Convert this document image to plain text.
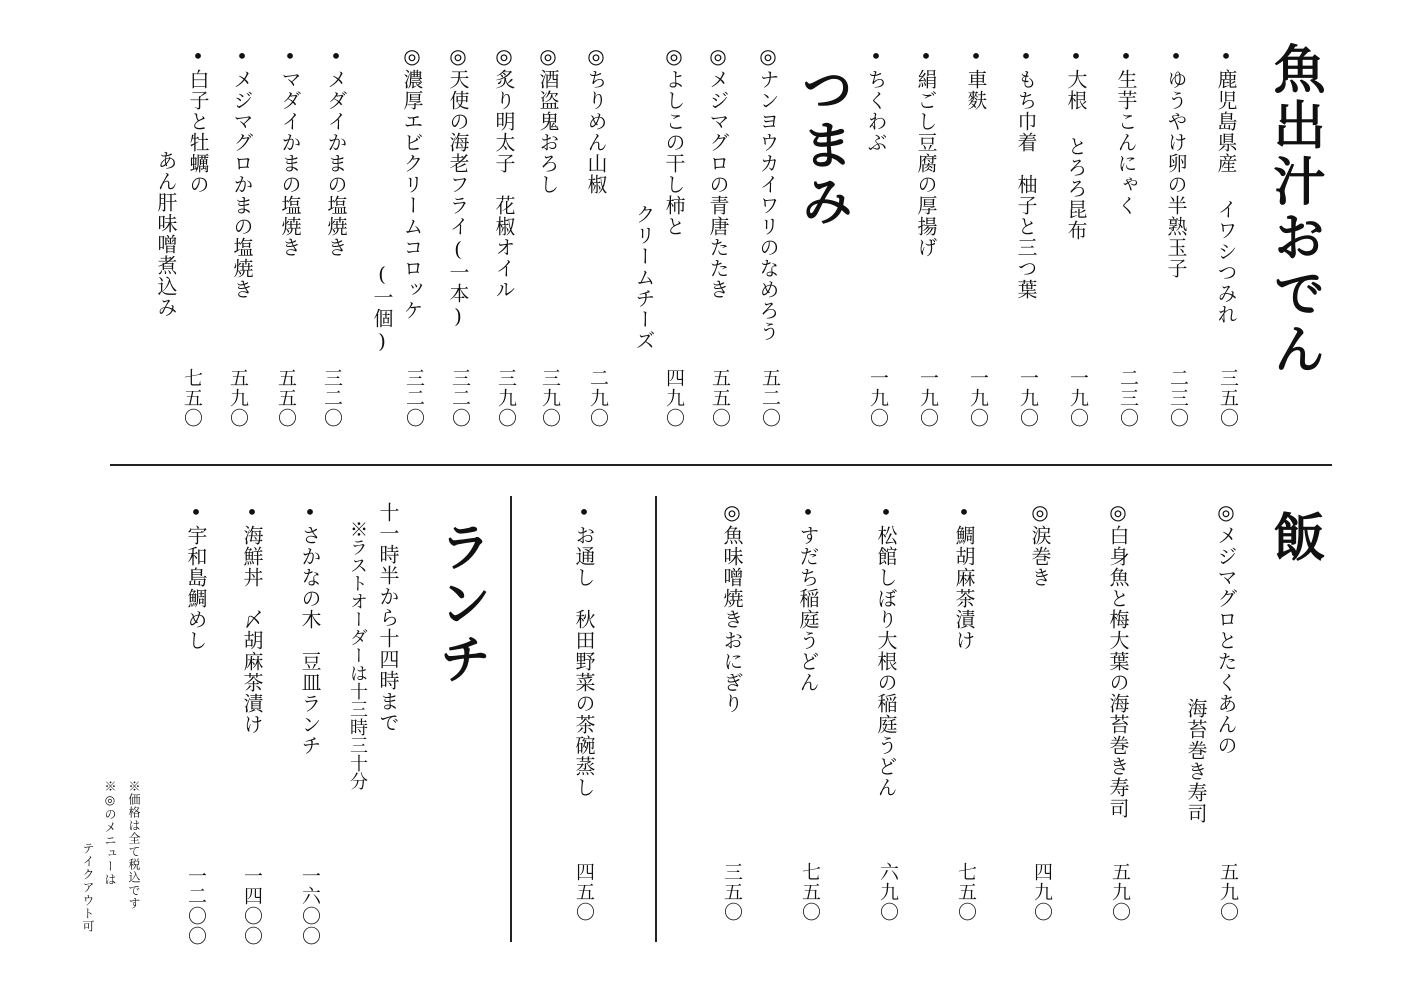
魚出汁おでん
•鹿児島県産 イワシつみれ
三五〇
•ゆうやけ卵の半熟玉子
二三〇
•生芋こんにゃく
二三〇
•大根 とろろ昆布
一九〇
•もち巾着　柚子と三つ葉
一九〇
•車麩
一九〇
•絹ごし豆腐の厚揚げ
一九〇
•ちくわぶ
一九〇
つまみ
◎ナンヨウカイワリのなめろう
五二〇
◎メジマグロの青唐たたき
五五〇
◎よしこの干し柿と
クリームチーズ
四九〇
◎ちりめん山椒
二九〇
◎酒盗鬼おろし
三九〇
◎炙り明太子　花椒オイル
三九〇
◎天使の海老フライ(一本)
三二〇
◎濃厚エビクリームコロッケ
(一個)
三二〇
•メダイかまの塩焼き
三二〇
•マダイかまの塩焼き
五五〇
•メジマグロかまの塩焼き
五九〇
•白子と牡蠣の
あん肝味噌煮込み
七五〇
飯
◎メジマグロとたくあんの
海苔巻き寿司
五九〇
◎白身魚と梅大葉の海苔巻き寿司
五九〇
◎涙巻き
四九〇
•鯛胡麻茶漬け
七五〇
•松館しぼり大根の稲庭うどん
六九〇
•すだち稲庭うどん
七五〇
◎魚味噌焼きおにぎり
三五〇
•お通し　秋田野菜の茶碗蒸し
四五〇
ランチ
十一時半から十四時まで
※ラストオーダーは十三時三十分
•さかなの木　豆皿ランチ
一六〇〇
•海鮮丼　〆胡麻茶漬け
一四〇〇
•宇和島鯛めし
一二〇〇
※価格は全て税込です
※◎のメニューは
テイクアウト可
